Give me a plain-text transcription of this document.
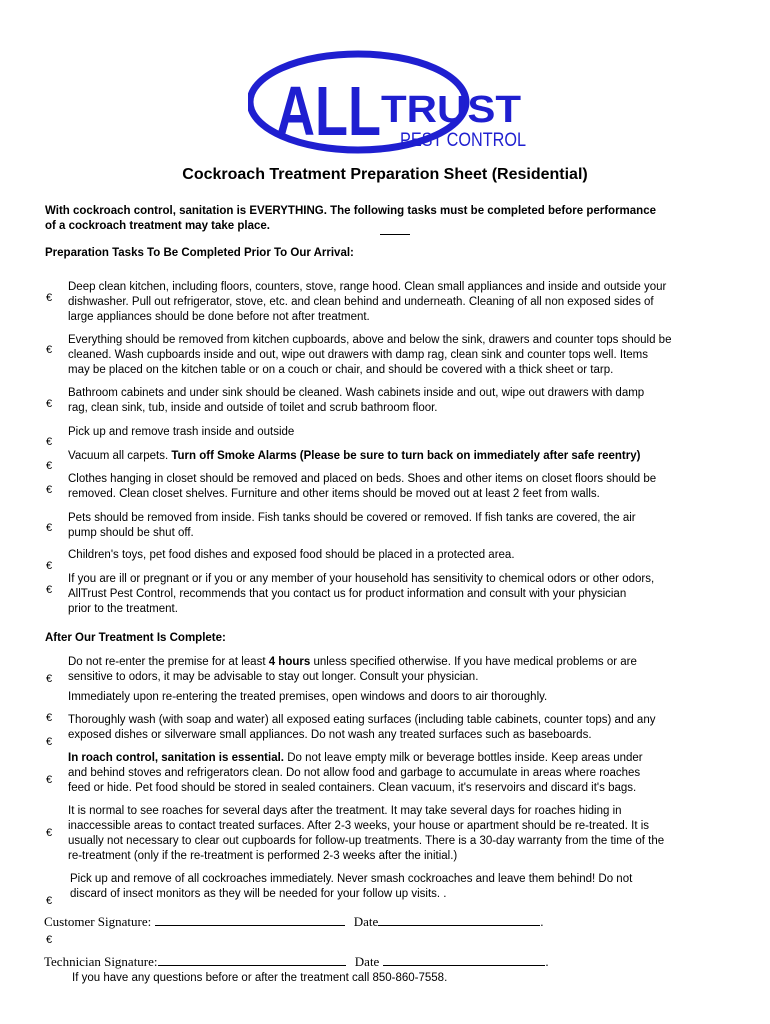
ALL TRUST
PEST CONTROL
Cockroach Treatment Preparation Sheet (Residential)
With cockroach control, sanitation is EVERYTHING. The following tasks must be completed before performance
of a cockroach treatment may take place.
Preparation Tasks To Be Completed Prior To Our Arrival:
€
Deep clean kitchen, including floors, counters, stove, range hood. Clean small appliances and inside and outside your
dishwasher. Pull out refrigerator, stove, etc. and clean behind and underneath. Cleaning of all non exposed sides of
large appliances should be done before not after treatment.
€
Everything should be removed from kitchen cupboards, above and below the sink, drawers and counter tops should be
cleaned. Wash cupboards inside and out, wipe out drawers with damp rag, clean sink and counter tops well. Items
may be placed on the kitchen table or on a couch or chair, and should be covered with a thick sheet or tarp.
€
Bathroom cabinets and under sink should be cleaned. Wash cabinets inside and out, wipe out drawers with damp
rag, clean sink, tub, inside and outside of toilet and scrub bathroom floor.
€
Pick up and remove trash inside and outside
€
Vacuum all carpets. Turn off Smoke Alarms (Please be sure to turn back on immediately after safe reentry)
€
Clothes hanging in closet should be removed and placed on beds. Shoes and other items on closet floors should be
removed. Clean closet shelves. Furniture and other items should be moved out at least 2 feet from walls.
€
Pets should be removed from inside. Fish tanks should be covered or removed. If fish tanks are covered, the air
pump should be shut off.
€
Children's toys, pet food dishes and exposed food should be placed in a protected area.
€
If you are ill or pregnant or if you or any member of your household has sensitivity to chemical odors or other odors,
AllTrust Pest Control, recommends that you contact us for product information and consult with your physician
prior to the treatment.
After Our Treatment Is Complete:
€
Do not re-enter the premise for at least 4 hours unless specified otherwise. If you have medical problems or are
sensitive to odors, it may be advisable to stay out longer. Consult your physician.
Immediately upon re-entering the treated premises, open windows and doors to air thoroughly.
€
€
Thoroughly wash (with soap and water) all exposed eating surfaces (including table cabinets, counter tops) and any
exposed dishes or silverware small appliances. Do not wash any treated surfaces such as baseboards.
€
In roach control, sanitation is essential. Do not leave empty milk or beverage bottles inside. Keep areas under
and behind stoves and refrigerators clean. Do not allow food and garbage to accumulate in areas where roaches
feed or hide. Pet food should be stored in sealed containers. Clean vacuum, it's reservoirs and discard it's bags.
€
It is normal to see roaches for several days after the treatment. It may take several days for roaches hiding in
inaccessible areas to contact treated surfaces. After 2-3 weeks, your house or apartment should be re-treated. It is
usually not necessary to clear out cupboards for follow-up treatments. There is a 30-day warranty from the time of the
re-treatment (only if the re-treatment is performed 2-3 weeks after the initial.)
€
Pick up and remove of all cockroaches immediately. Never smash cockroaches and leave them behind! Do not
discard of insect monitors as they will be needed for your follow up visits. .
Customer Signature:	Date	.
€
Technician Signature:	Date	.
If you have any questions before or after the treatment call 850-860-7558.
